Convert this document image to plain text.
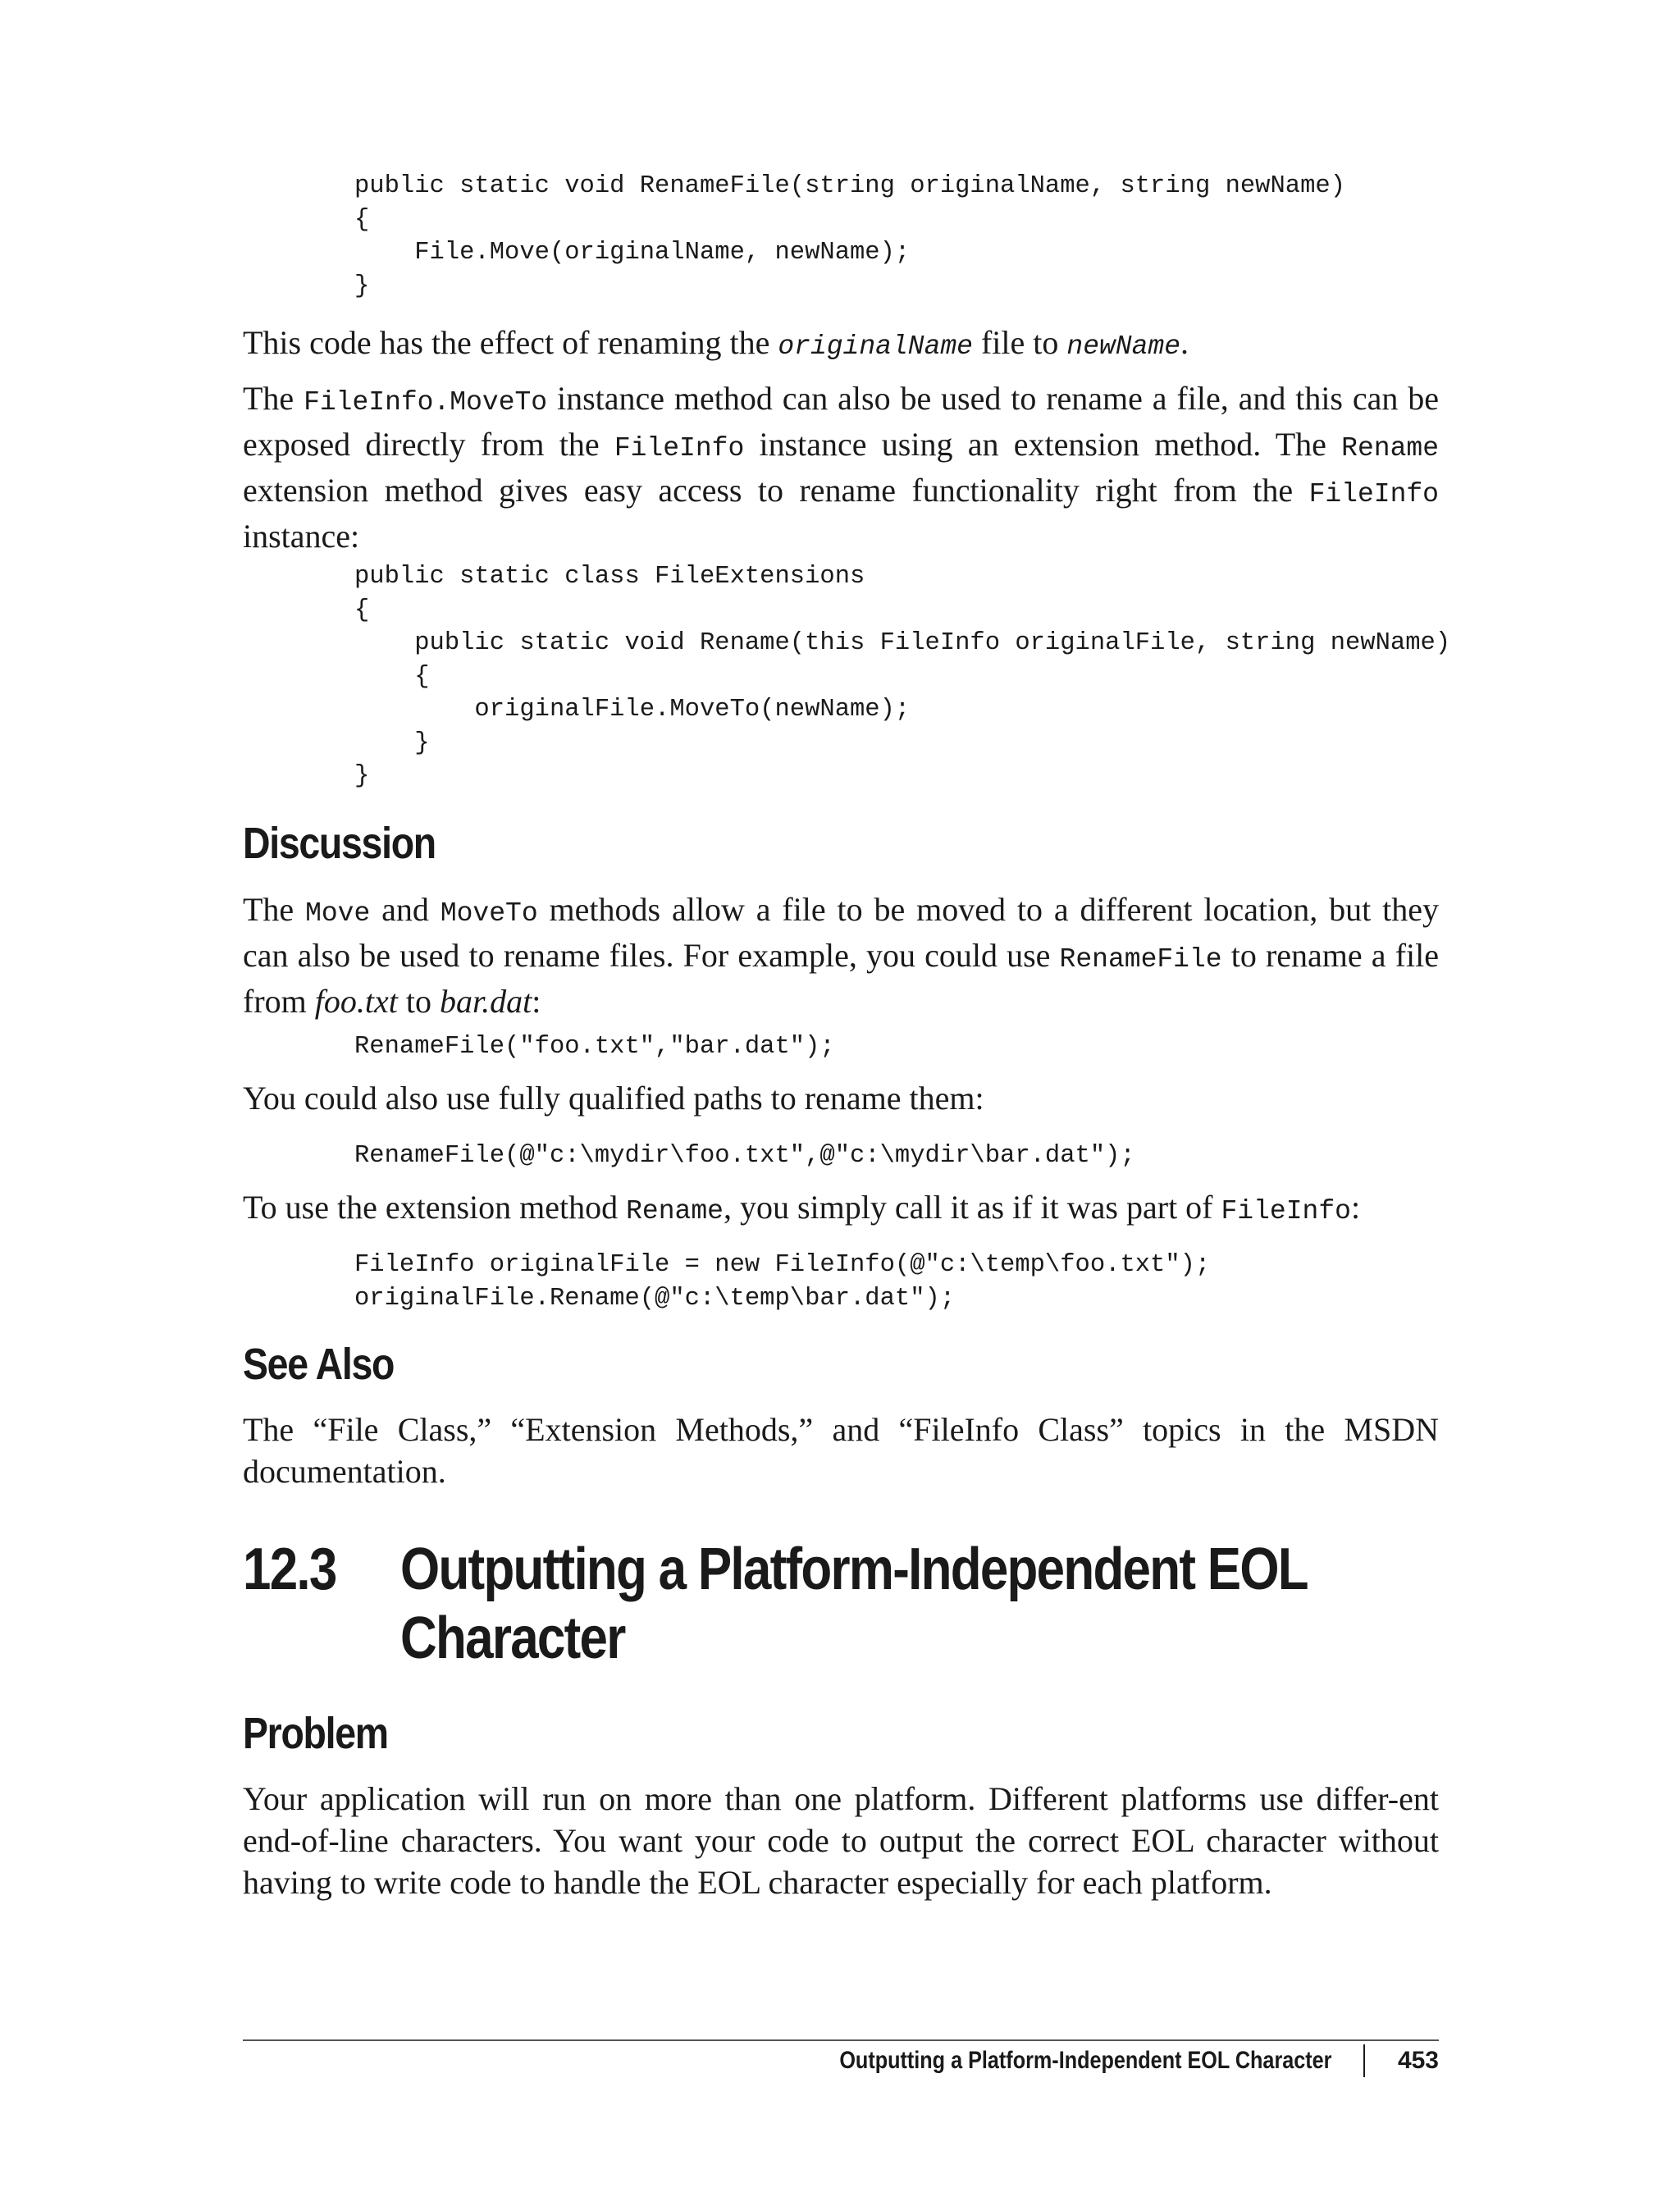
public static void RenameFile(string originalName, string newName)
{
File.Move(originalName, newName);
}

This code has the effect of renaming the originalName file to newName.

The FileInfo.MoveTo instance method can also be used to rename a file, and this can be exposed directly from the FileInfo instance using an extension method. The Rename extension method gives easy access to rename functionality right from the FileInfo instance:

public static class FileExtensions
{
public static void Rename(this FileInfo originalFile, string newName)
{
originalFile.MoveTo(newName);
}
}
Discussion

The Move and MoveTo methods allow a file to be moved to a different location, but they can also be used to rename files. For example, you could use RenameFile to rename a file from foo.txt to bar.dat:

RenameFile("foo.txt","bar.dat");

You could also use fully qualified paths to rename them:

RenameFile(@"c:\mydir\foo.txt",@"c:\mydir\bar.dat");

To use the extension method Rename, you simply call it as if it was part of FileInfo:

FileInfo originalFile = new FileInfo(@"c:\temp\foo.txt");
originalFile.Rename(@"c:\temp\bar.dat");
See Also

The “File Class,” “Extension Methods,” and “FileInfo Class” topics in the MSDN documentation.

12.3 Outputting a Platform-Independent EOL Character
Problem

Your application will run on more than one platform. Different platforms use differ-ent end-of-line characters. You want your code to output the correct EOL character without having to write code to handle the EOL character especially for each platform.

Outputting a Platform-Independent EOL Character	453
